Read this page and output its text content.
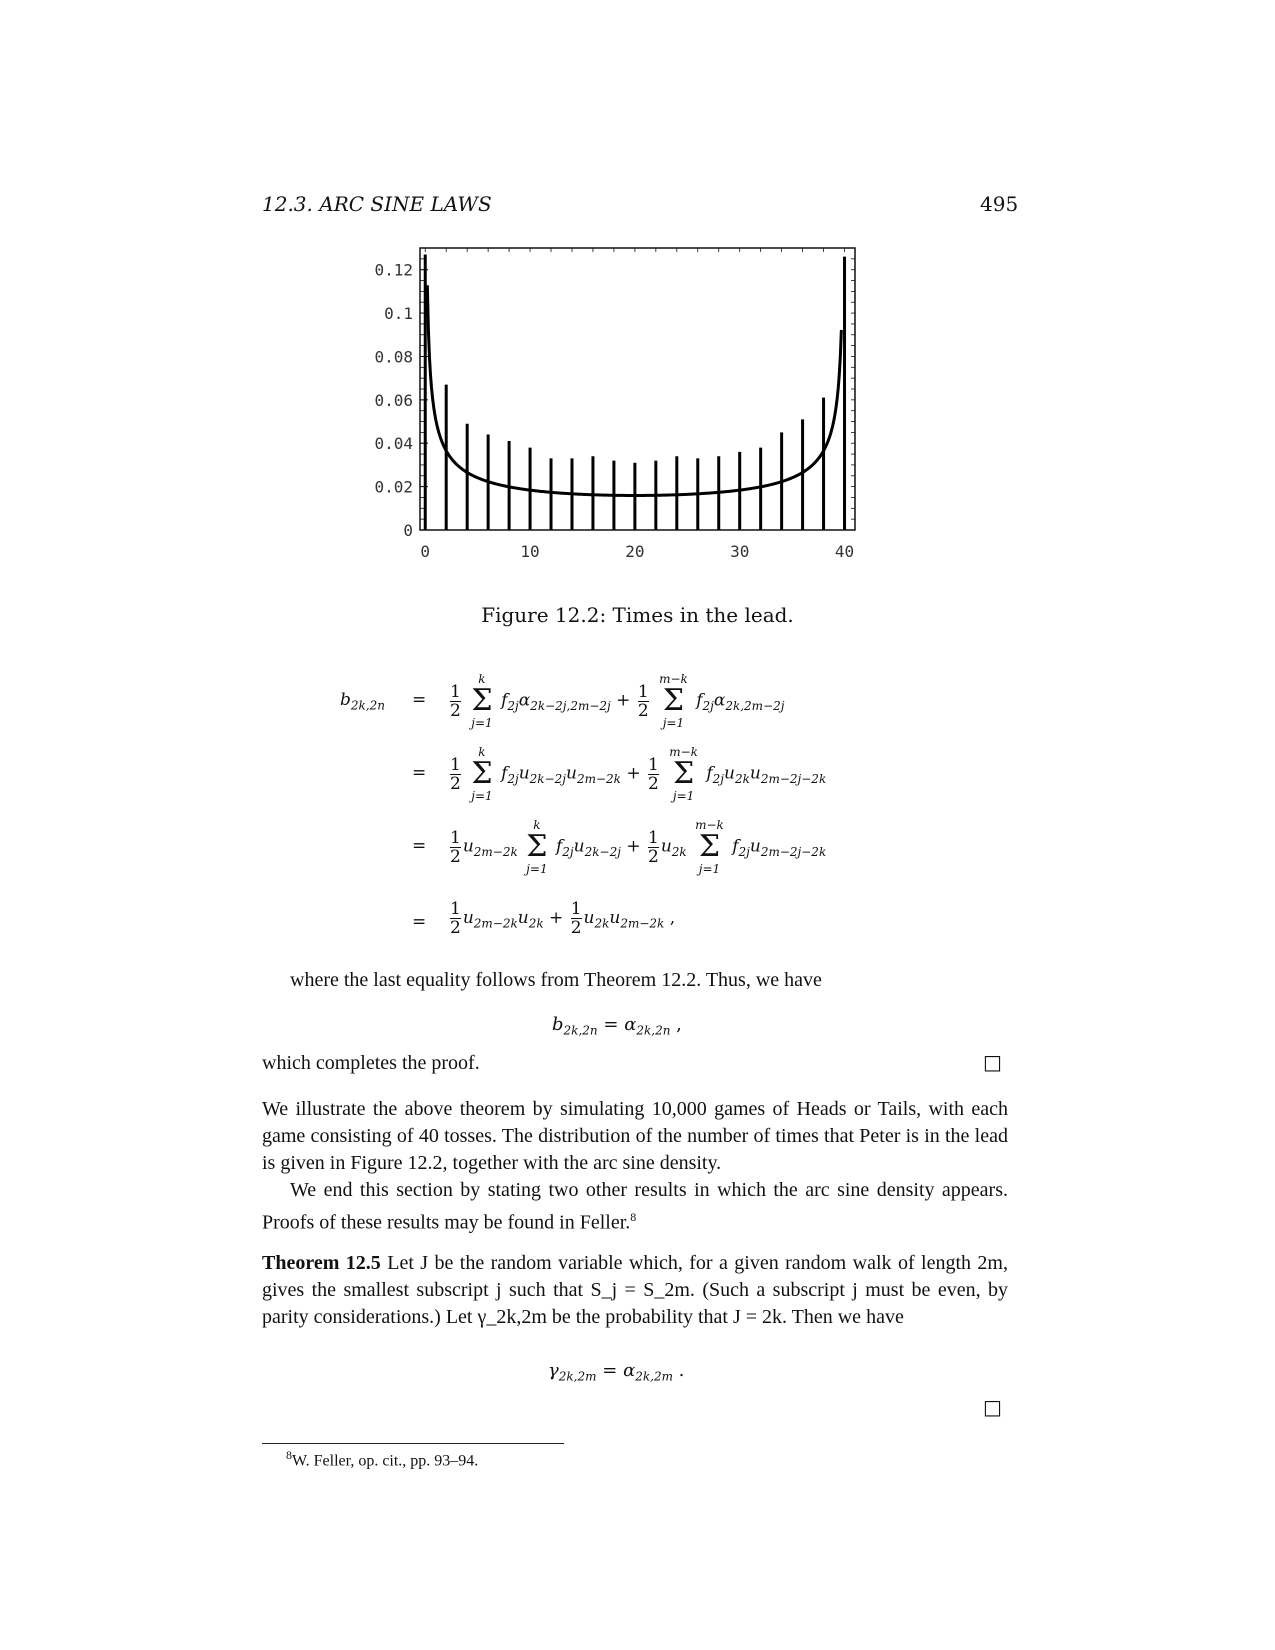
12.3. ARC SINE LAWS	495
0	10	20	30	40
0
0.02
0.04
0.06
0.08
0.1
0.12
Figure 12.2: Times in the lead.
$b_{2k,2n} = \frac{1}{2}$

k
Σ
j=1
$f_{2j}\alpha_{2k-2j,2m-2j} + \frac{1}{2}$

m−k
Σ
j=1
$f_{2j}\alpha_{2k,2m-2j}$
= $\frac{1}{2}$

k
Σ
j=1
$f_{2j}u_{2k-2j}u_{2m-2k} + \frac{1}{2}$

m−k
Σ
j=1
$f_{2j}u_{2k}u_{2m-2j-2k}$
= $\frac{1}{2} u_{2m-2k}$
k
Σ
j=1
$f_{2j}u_{2k-2j} + \frac{1}{2} u_{2k}$
m−k
Σ
j=1
$f_{2j}u_{2m-2j-2k}$
= $\frac{1}{2} u_{2m-2k}u_{2k} + \frac{1}{2} u_{2k}u_{2m-2k}$ ,
where the last equality follows from Theorem 12.2. Thus, we have
$b_{2k,2n} = \alpha_{2k,2n}$ ,
which completes the proof.	□
We illustrate the above theorem by simulating 10,000 games of Heads or Tails, with each game consisting of 40 tosses. The distribution of the number of times that Peter is in the lead is given in Figure 12.2, together with the arc sine density.
We end this section by stating two other results in which the arc sine density appears. Proofs of these results may be found in Feller.$^8$
Theorem 12.5 Let J be the random variable which, for a given random walk of length 2m, gives the smallest subscript j such that S_j = S_2m. (Such a subscript j must be even, by parity considerations.) Let γ_2k,2m be the probability that J = 2k. Then we have
$\gamma_{2k,2m} = \alpha_{2k,2m}$ .
□
$^8$W. Feller, op. cit., pp. 93–94.
